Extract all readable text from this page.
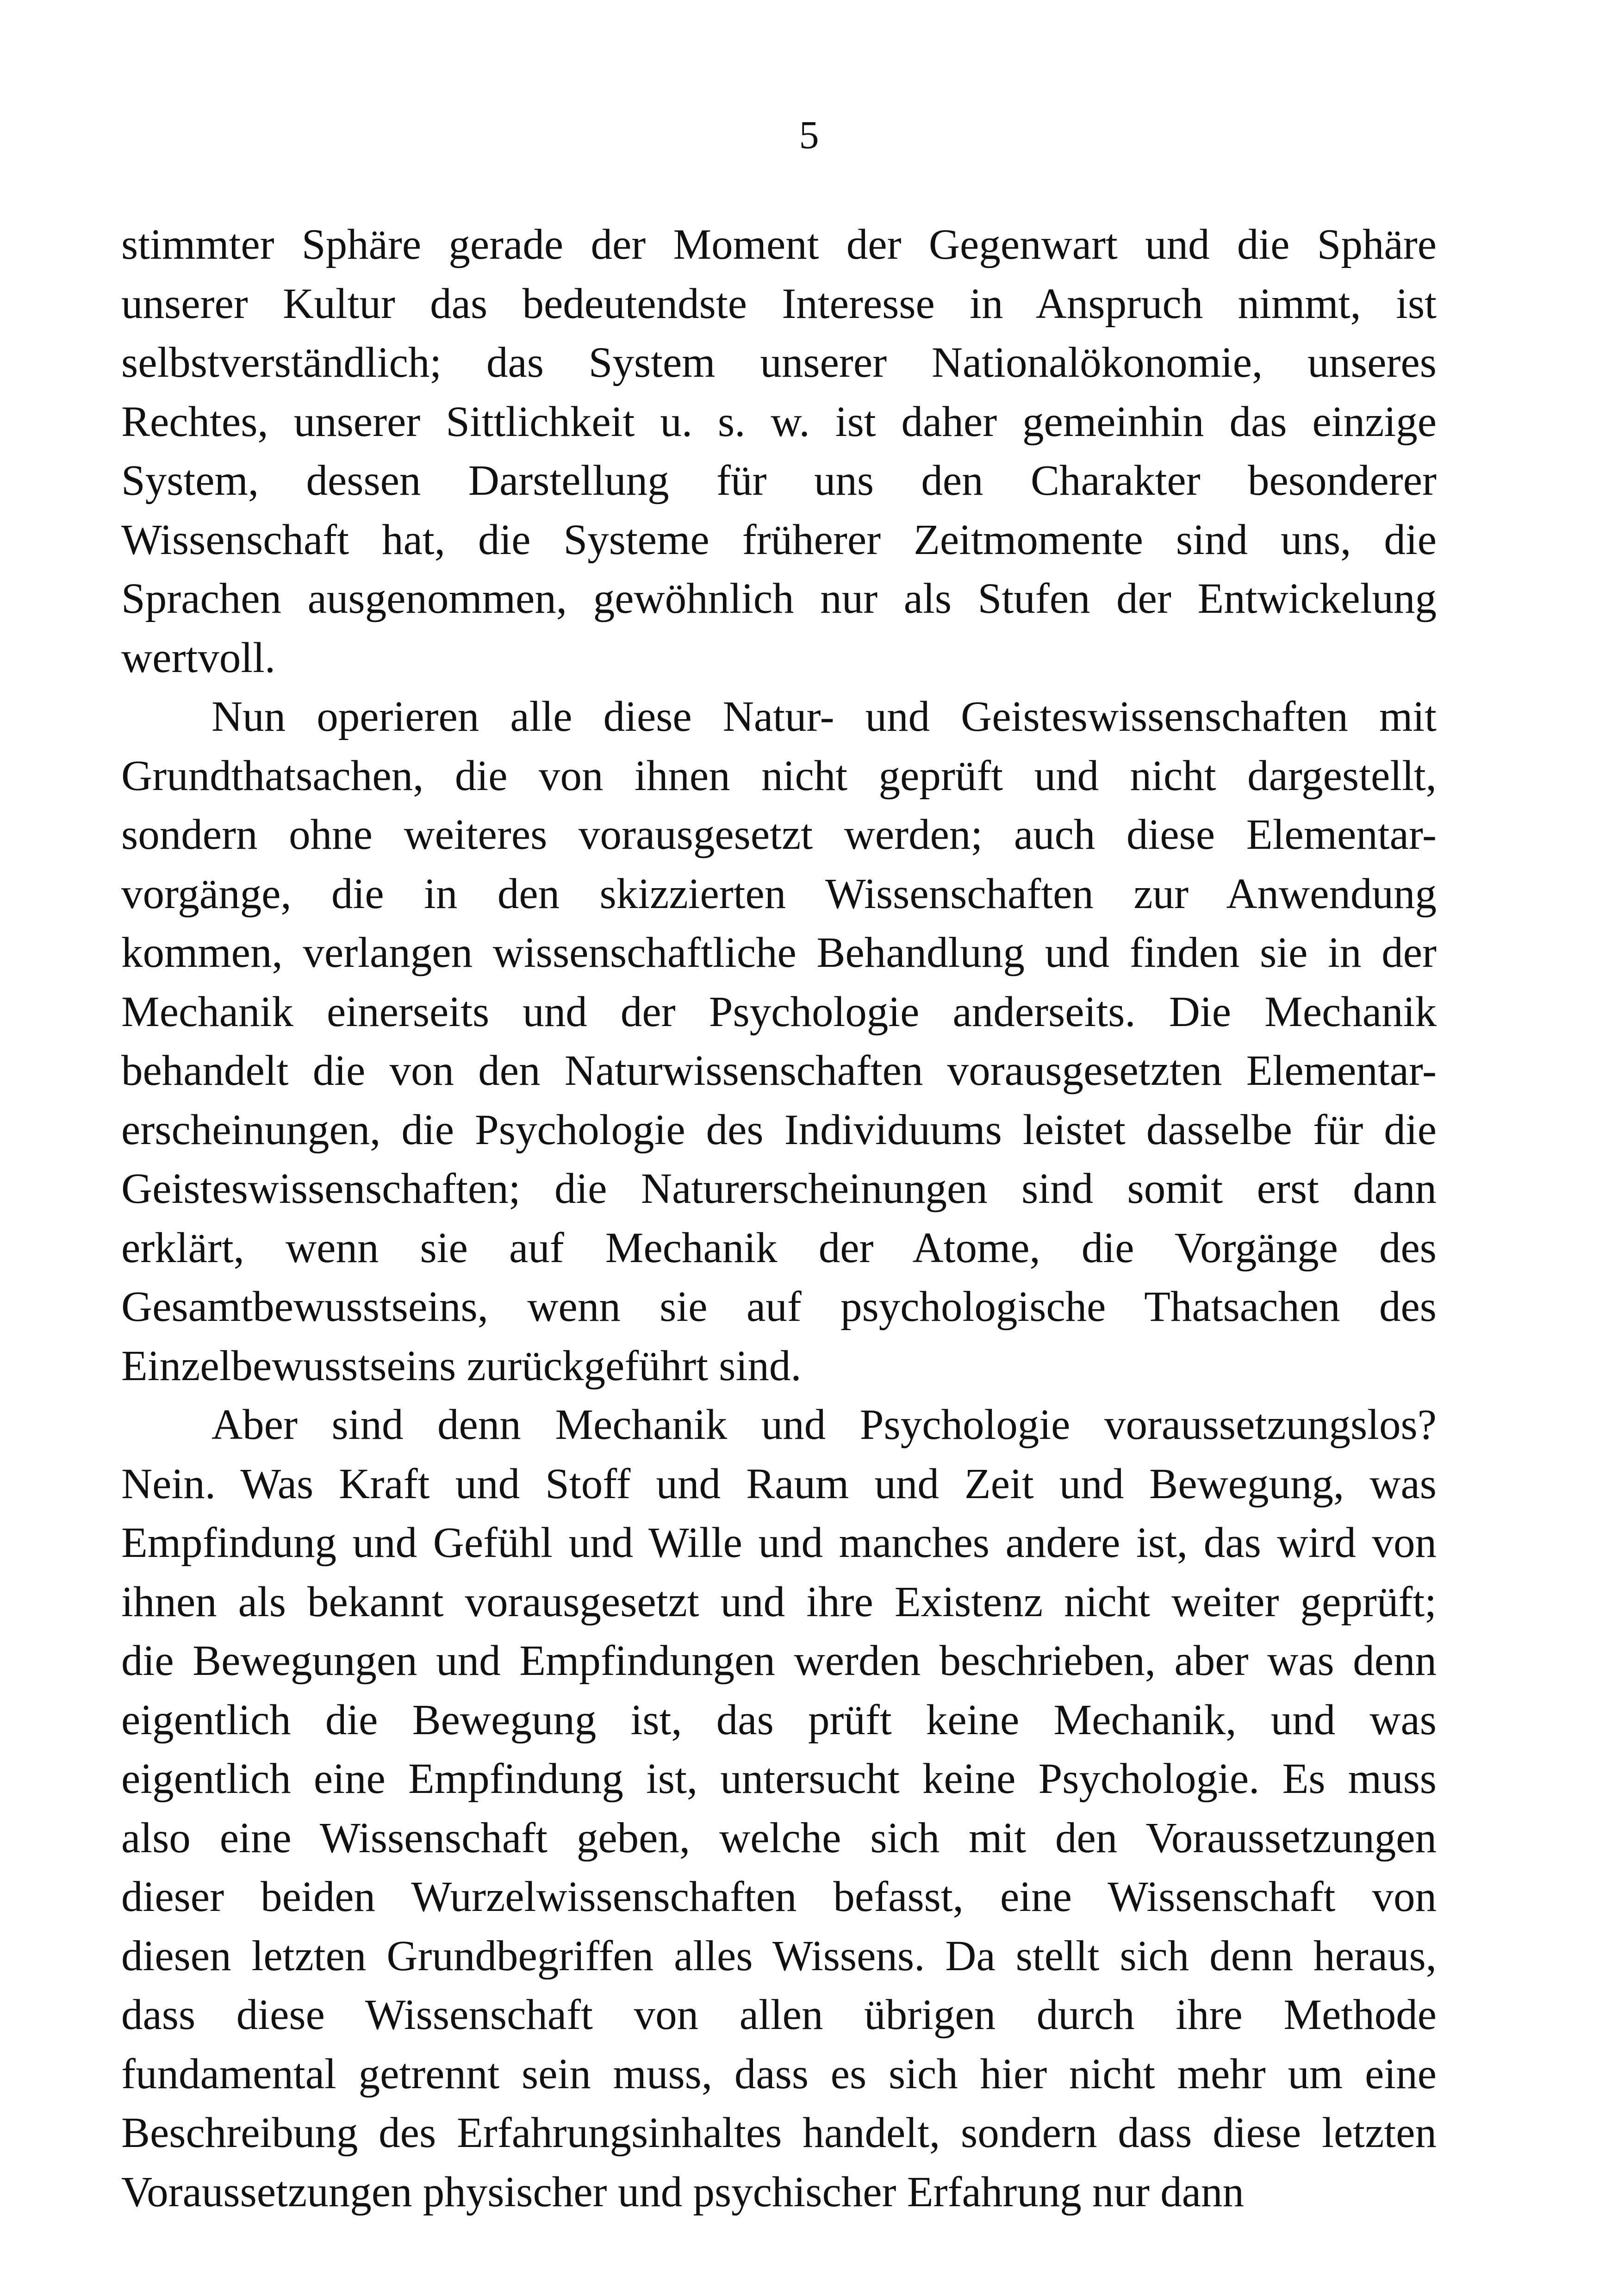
5
stimmter Sphäre gerade der Moment der Gegenwart und die Sphäre
unserer Kultur das bedeutendste Interesse in Anspruch nimmt, ist
selbstverständlich; das System unserer Nationalökonomie, unseres
Rechtes, unserer Sittlichkeit u. s. w. ist daher gemeinhin das einzige
System, dessen Darstellung für uns den Charakter besonderer
Wissenschaft hat, die Systeme früherer Zeitmomente sind uns, die
Sprachen ausgenommen, gewöhnlich nur als Stufen der Entwickelung
wertvoll.
Nun operieren alle diese Natur- und Geisteswissenschaften mit
Grundthatsachen, die von ihnen nicht geprüft und nicht dargestellt,
sondern ohne weiteres vorausgesetzt werden; auch diese Elementar-
vorgänge, die in den skizzierten Wissenschaften zur Anwendung
kommen, verlangen wissenschaftliche Behandlung und finden sie in der
Mechanik einerseits und der Psychologie anderseits. Die Mechanik
behandelt die von den Naturwissenschaften vorausgesetzten Elementar-
erscheinungen, die Psychologie des Individuums leistet dasselbe für die
Geisteswissenschaften; die Naturerscheinungen sind somit erst dann
erklärt, wenn sie auf Mechanik der Atome, die Vorgänge des
Gesamtbewusstseins, wenn sie auf psychologische Thatsachen des
Einzelbewusstseins zurückgeführt sind.
Aber sind denn Mechanik und Psychologie voraussetzungslos?
Nein. Was Kraft und Stoff und Raum und Zeit und Bewegung, was
Empfindung und Gefühl und Wille und manches andere ist, das wird von
ihnen als bekannt vorausgesetzt und ihre Existenz nicht weiter geprüft;
die Bewegungen und Empfindungen werden beschrieben, aber was denn
eigentlich die Bewegung ist, das prüft keine Mechanik, und was
eigentlich eine Empfindung ist, untersucht keine Psychologie. Es muss
also eine Wissenschaft geben, welche sich mit den Voraussetzungen
dieser beiden Wurzelwissenschaften befasst, eine Wissenschaft von
diesen letzten Grundbegriffen alles Wissens. Da stellt sich denn heraus,
dass diese Wissenschaft von allen übrigen durch ihre Methode
fundamental getrennt sein muss, dass es sich hier nicht mehr um eine
Beschreibung des Erfahrungsinhaltes handelt, sondern dass diese letzten
Voraussetzungen physischer und psychischer Erfahrung nur dann
